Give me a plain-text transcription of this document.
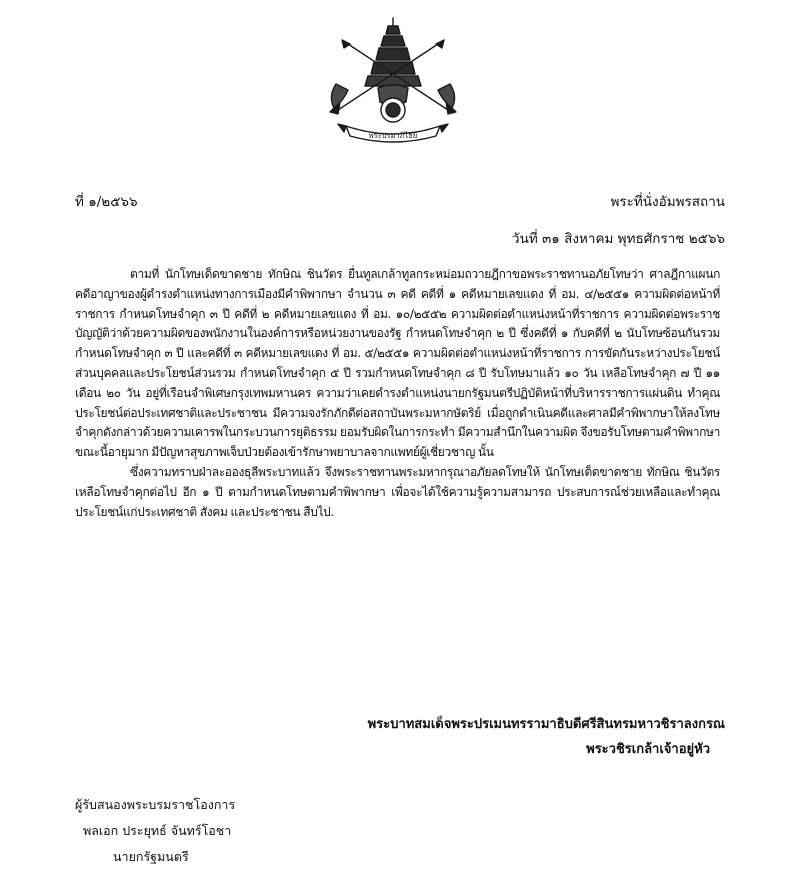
พระปรมาภิไธย
ที่ ๑/๒๕๖๖	พระที่นั่งอัมพรสถาน
วันที่ ๓๑ สิงหาคม พุทธศักราช ๒๕๖๖

ตามที่ นักโทษเด็ดขาดชาย ทักษิณ ชินวัตร ยื่นทูลเกล้าทูลกระหม่อมถวายฎีกาขอพระราชทานอภัยโทษว่า ศาลฎีกาแผนกคดีอาญาของผู้ดำรงตำแหน่งทางการเมืองมีคำพิพากษา จำนวน ๓ คดี คดีที่ ๑ คดีหมายเลขแดง ที่ อม. ๔/๒๕๕๑ ความผิดต่อหน้าที่ราชการ กำหนดโทษจำคุก ๓ ปี คดีที่ ๒ คดีหมายเลขแดง ที่ อม. ๑๐/๒๕๕๒ ความผิดต่อตำแหน่งหน้าที่ราชการ ความผิดต่อพระราชบัญญัติว่าด้วยความผิดของพนักงานในองค์การหรือหน่วยงานของรัฐ กำหนดโทษจำคุก ๒ ปี ซึ่งคดีที่ ๑ กับคดีที่ ๒ นับโทษซ้อนกันรวมกำหนดโทษจำคุก ๓ ปี และคดีที่ ๓ คดีหมายเลขแดง ที่ อม. ๕/๒๕๕๑ ความผิดต่อตำแหน่งหน้าที่ราชการ การขัดกันระหว่างประโยชน์ส่วนบุคคลและประโยชน์ส่วนรวม กำหนดโทษจำคุก ๕ ปี รวมกำหนดโทษจำคุก ๘ ปี รับโทษมาแล้ว ๑๐ วัน เหลือโทษจำคุก ๗ ปี ๑๑ เดือน ๒๐ วัน อยู่ที่เรือนจำพิเศษกรุงเทพมหานคร ความว่าเคยดำรงตำแหน่งนายกรัฐมนตรีปฏิบัติหน้าที่บริหารราชการแผ่นดิน ทำคุณประโยชน์ต่อประเทศชาติและประชาชน มีความจงรักภักดีต่อสถาบันพระมหากษัตริย์ เมื่อถูกดำเนินคดีและศาลมีคำพิพากษาให้ลงโทษจำคุกดังกล่าวด้วยความเคารพในกระบวนการยุติธรรม ยอมรับผิดในการกระทำ มีความสำนึกในความผิด จึงขอรับโทษตามคำพิพากษา ขณะนี้อายุมาก มีปัญหาสุขภาพเจ็บป่วยต้องเข้ารักษาพยาบาลจากแพทย์ผู้เชี่ยวชาญ นั้น

ซึ่งความทราบฝ่าละอองธุลีพระบาทแล้ว จึงพระราชทานพระมหากรุณาอภัยลดโทษให้ นักโทษเด็ดขาดชาย ทักษิณ ชินวัตร เหลือโทษจำคุกต่อไป อีก ๑ ปี ตามกำหนดโทษตามคำพิพากษา เพื่อจะได้ใช้ความรู้ความสามารถ ประสบการณ์ช่วยเหลือและทำคุณประโยชน์แก่ประเทศชาติ สังคม และประชาชน สืบไป.

พระบาทสมเด็จพระปรเมนทรรามาธิบดีศรีสินทรมหาวชิราลงกรณ
พระวชิรเกล้าเจ้าอยู่หัว
ผู้รับสนองพระบรมราชโองการ
พลเอก ประยุทธ์ จันทร์โอชา
นายกรัฐมนตรี
